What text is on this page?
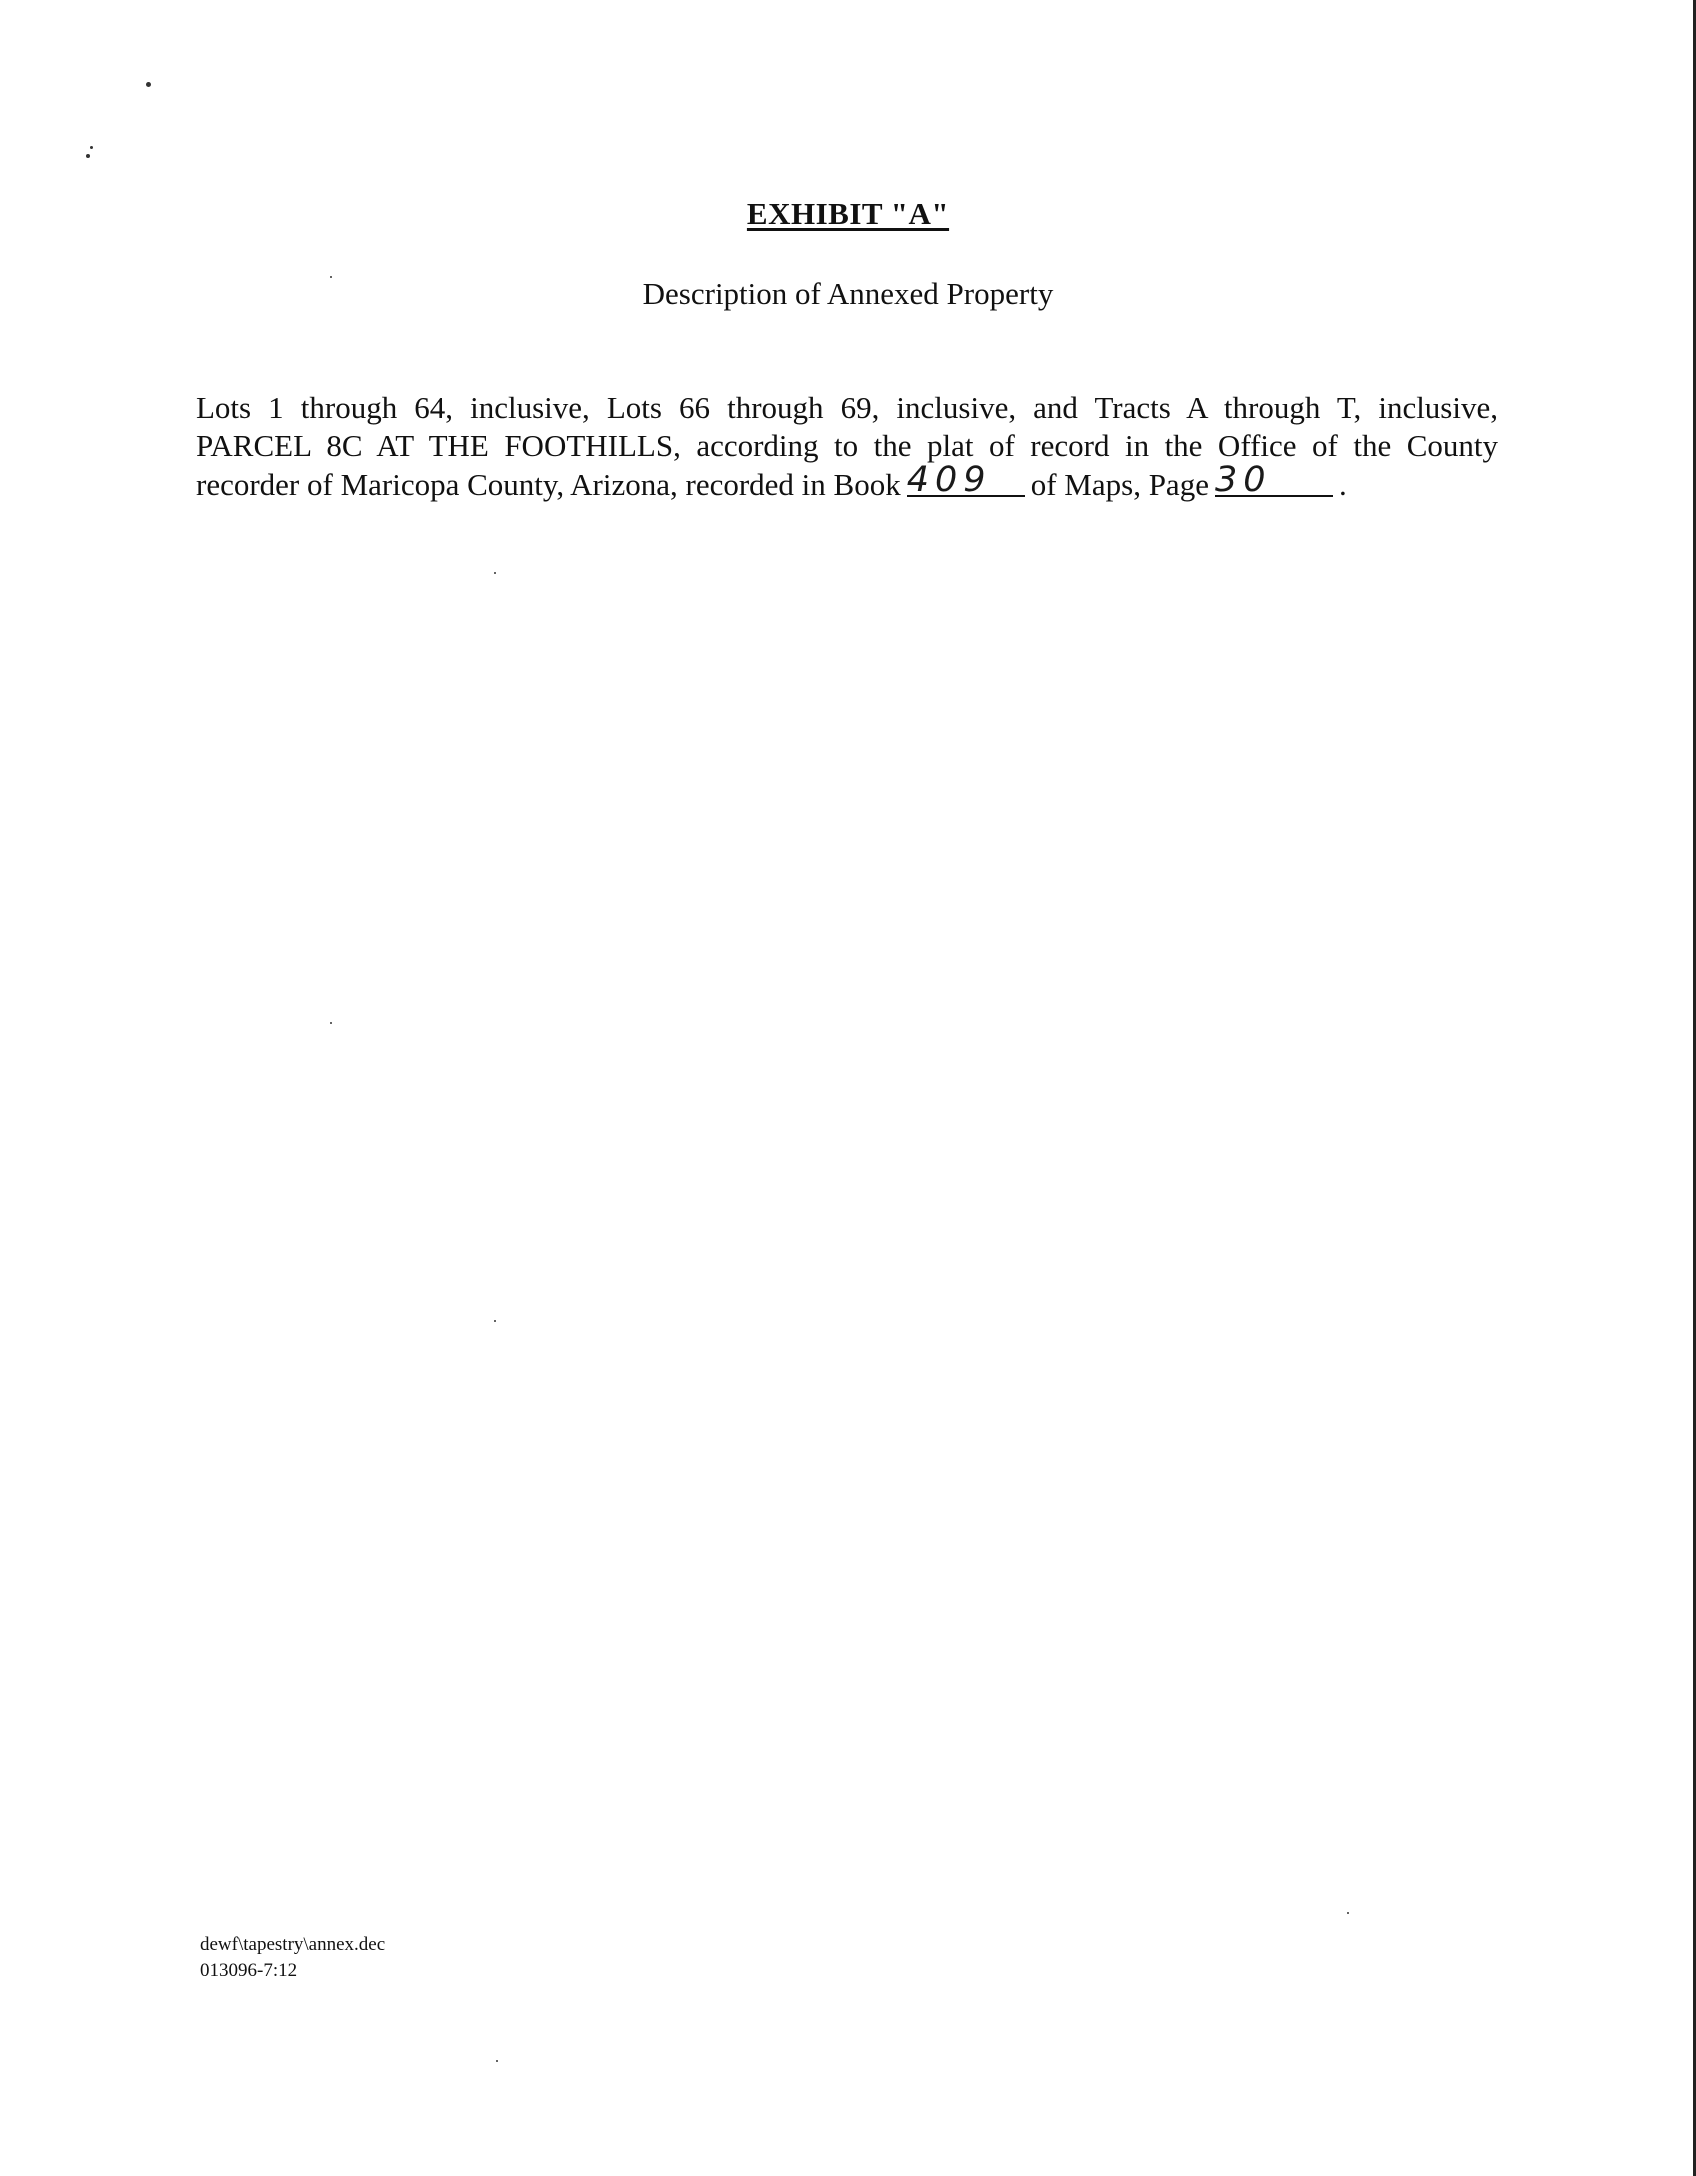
EXHIBIT "A"
Description of Annexed Property
Lots 1 through 64, inclusive, Lots 66 through 69, inclusive, and Tracts A through T, inclusive,
PARCEL 8C AT THE FOOTHILLS, according to the plat of record in the Office of the County
recorder of Maricopa County, Arizona, recorded in Book 409 of Maps, Page 30 .
dewf\tapestry\annex.dec
013096-7:12
